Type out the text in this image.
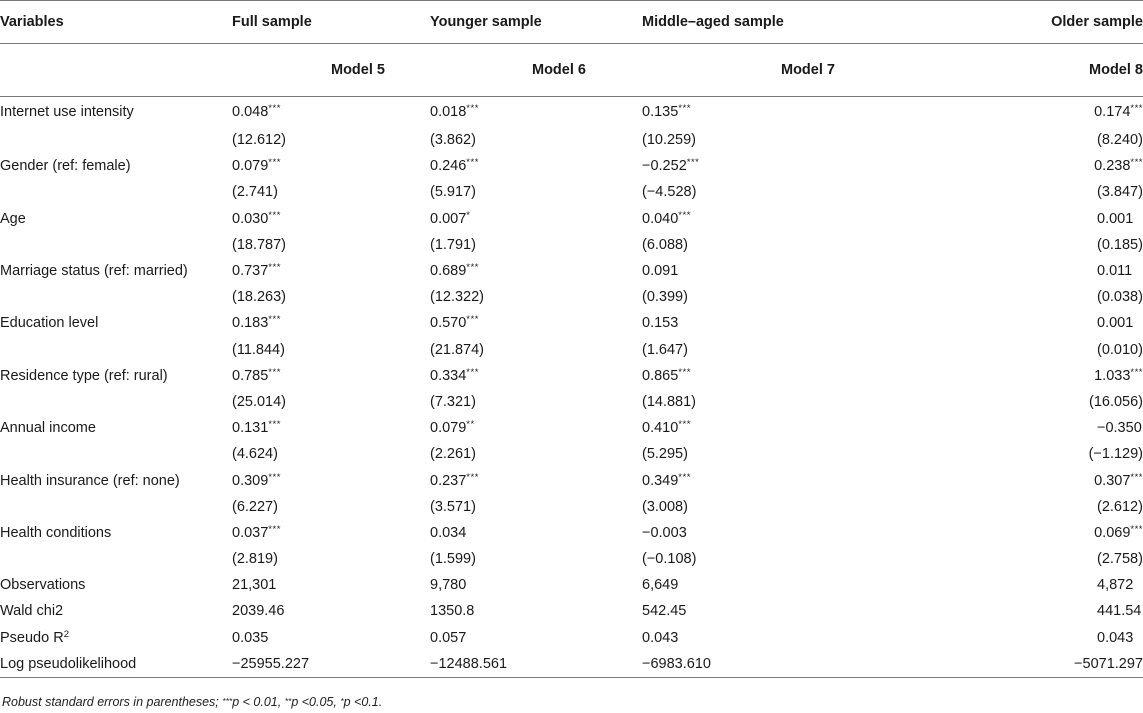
Variables	Full sample	Younger sample	Middle–aged sample	Older sample
	Model 5	Model 6	Model 7	Model 8
Internet use intensity	0.048***	0.018***	0.135***	0.174***
	(12.612)	(3.862)	(10.259)	(8.240)
Gender (ref: female)	0.079***	0.246***	−0.252***	0.238***
	(2.741)	(5.917)	(−4.528)	(3.847)
Age	0.030***	0.007*	0.040***	0.001
	(18.787)	(1.791)	(6.088)	(0.185)
Marriage status (ref: married)	0.737***	0.689***	0.091	0.011
	(18.263)	(12.322)	(0.399)	(0.038)
Education level	0.183***	0.570***	0.153	0.001
	(11.844)	(21.874)	(1.647)	(0.010)
Residence type (ref: rural)	0.785***	0.334***	0.865***	1.033***
	(25.014)	(7.321)	(14.881)	(16.056)
Annual income	0.131***	0.079**	0.410***	−0.350
	(4.624)	(2.261)	(5.295)	(−1.129)
Health insurance (ref: none)	0.309***	0.237***	0.349***	0.307***
	(6.227)	(3.571)	(3.008)	(2.612)
Health conditions	0.037***	0.034	−0.003	0.069***
	(2.819)	(1.599)	(−0.108)	(2.758)
Observations	21,301	9,780	6,649	4,872
Wald chi2	2039.46	1350.8	542.45	441.54
Pseudo $R^2$	0.035	0.057	0.043	0.043
Log pseudolikelihood	−25955.227	−12488.561	−6983.610	−5071.297
Robust standard errors in parentheses; ***p < 0.01, **p <0.05, *p <0.1.
